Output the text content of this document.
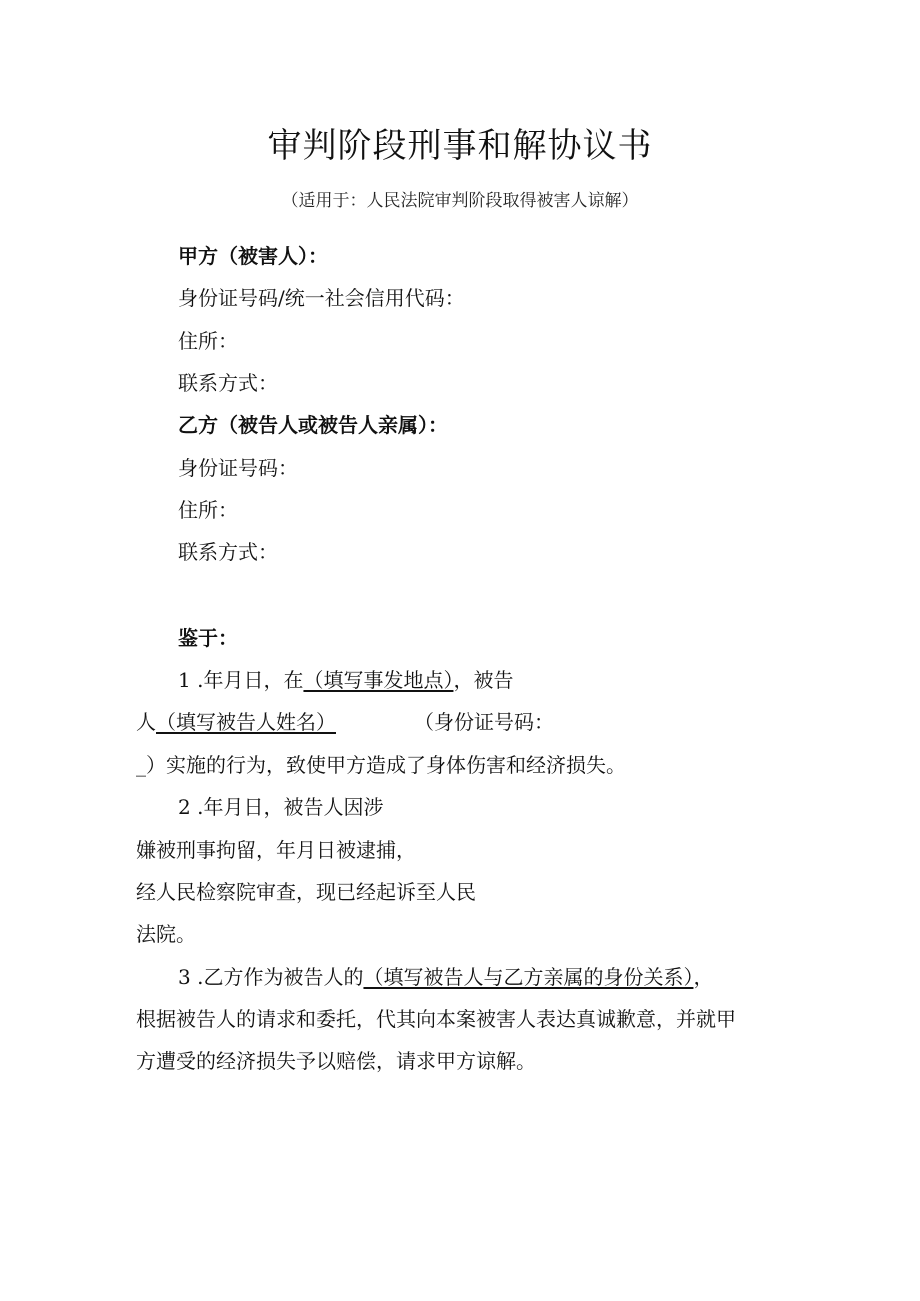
审判阶段刑事和解协议书
（适用于：人民法院审判阶段取得被害人谅解）
甲方（被害人）：
身份证号码/统一社会信用代码：
住所：
联系方式：
乙方（被告人或被告人亲属）：
身份证号码：
住所：
联系方式：
鉴于：
1 .年月日，在（填写事发地点），被告
人（填写被告人姓名）	（身份证号码：
_）实施的行为，致使甲方造成了身体伤害和经济损失。
2 .年月日，被告人因涉
嫌被刑事拘留，年月日被逮捕，
经人民检察院审查，现已经起诉至人民
法院。
3 .乙方作为被告人的（填写被告人与乙方亲属的身份关系），
根据被告人的请求和委托，代其向本案被害人表达真诚歉意，并就甲
方遭受的经济损失予以赔偿，请求甲方谅解。
